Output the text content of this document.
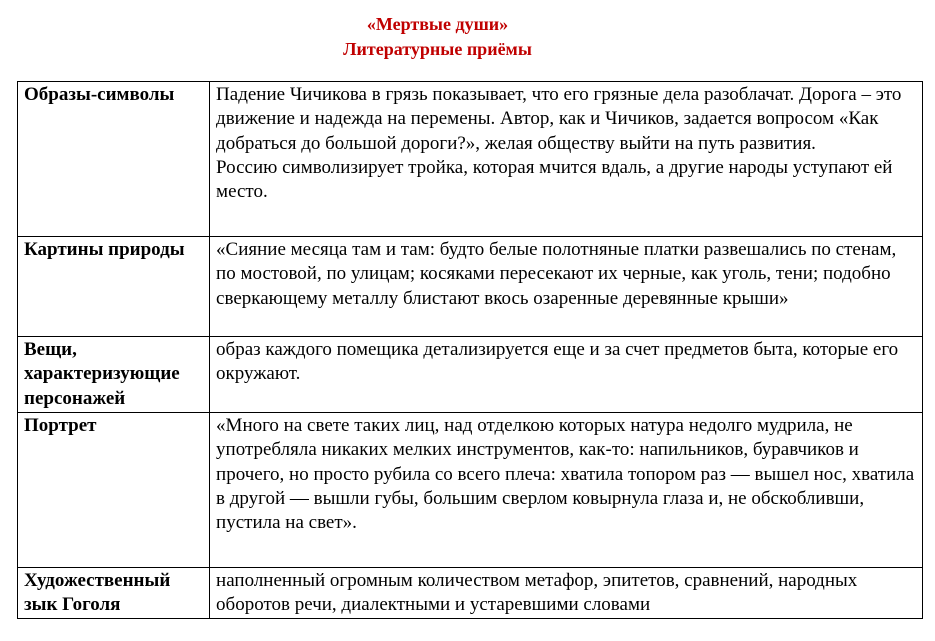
«Мертвые души»
Литературные приёмы
Образы-символы	Падение Чичикова в грязь показывает, что его грязные дела разоблачат. Дорога – это движение и надежда на перемены. Автор, как и Чичиков, задается вопросом «Как добраться до большой дороги?», желая обществу выйти на путь развития.

Россию символизирует тройка, которая мчится вдаль, а другие народы уступают ей место.

Картины природы	«Сияние месяца там и там: будто белые полотняные платки развешались по стенам, по мостовой, по улицам; косяками пересекают их черные, как уголь, тени; подобно сверкающему металлу блистают вкось озаренные деревянные крыши»

Вещи, характеризующие персонажей	образ каждого помещика детализируется еще и за счет предметов быта, которые его окружают.

Портрет	«Много на свете таких лиц, над отделкою которых натура недолго мудрила, не употребляла никаких мелких инструментов, как-то: напильников, буравчиков и прочего, но просто рубила со всего плеча: хватила топором раз — вышел нос, хватила в другой — вышли губы, большим сверлом ковырнула глаза и, не обскобливши, пустила на свет».

Художественный зык Гоголя	наполненный огромным количеством метафор, эпитетов, сравнений, народных оборотов речи, диалектными и устаревшими словами
